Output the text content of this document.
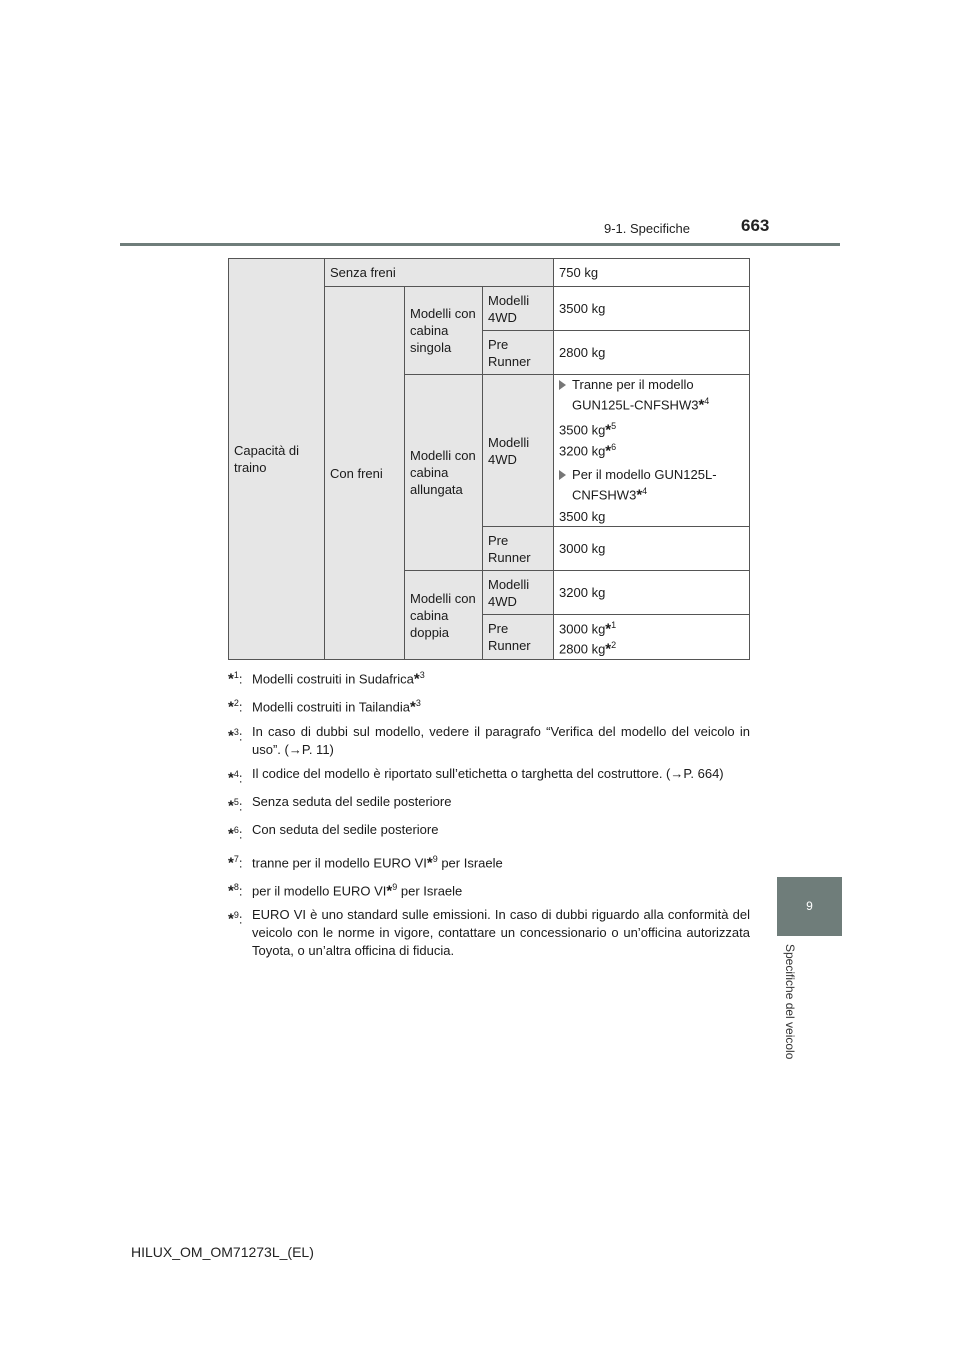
9-1. Specifiche	663
9
Specifiche del veicolo
Capacità di traino	Senza freni			750 kg
	Con freni	Modelli con cabina singola	Modelli 4WD	3500 kg
			Pre Runner	2800 kg
		Modelli con cabina allungata	Modelli 4WD	Tranne per il modello GUN125L-CNFSHW3*$^4$
3500 kg*$^5$
3200 kg*$^6$
Per il modello GUN125L-CNFSHW3*$^4$
3500 kg

			Pre Runner	3000 kg
		Modelli con cabina doppia	Modelli 4WD	3200 kg
			Pre Runner	3000 kg*$^1$
2800 kg*$^2$
*$^1$: Modelli costruiti in Sudafrica*$^3$
*$^2$: Modelli costruiti in Tailandia*$^3$
*$^3$: In caso di dubbi sul modello, vedere il paragrafo “Verifica del modello del veicolo in uso”. (→P. 11)
*$^4$: Il codice del modello è riportato sull’etichetta o targhetta del costruttore. (→P. 664)
*$^5$: Senza seduta del sedile posteriore
*$^6$: Con seduta del sedile posteriore
*$^7$: tranne per il modello EURO VI*$^9$ per Israele
*$^8$: per il modello EURO VI*$^9$ per Israele
*$^9$: EURO VI è uno standard sulle emissioni. In caso di dubbi riguardo alla conformità del veicolo con le norme in vigore, contattare un concessionario o un’officina autorizzata Toyota, o un’altra officina di fiducia.
HILUX_OM_OM71273L_(EL)
